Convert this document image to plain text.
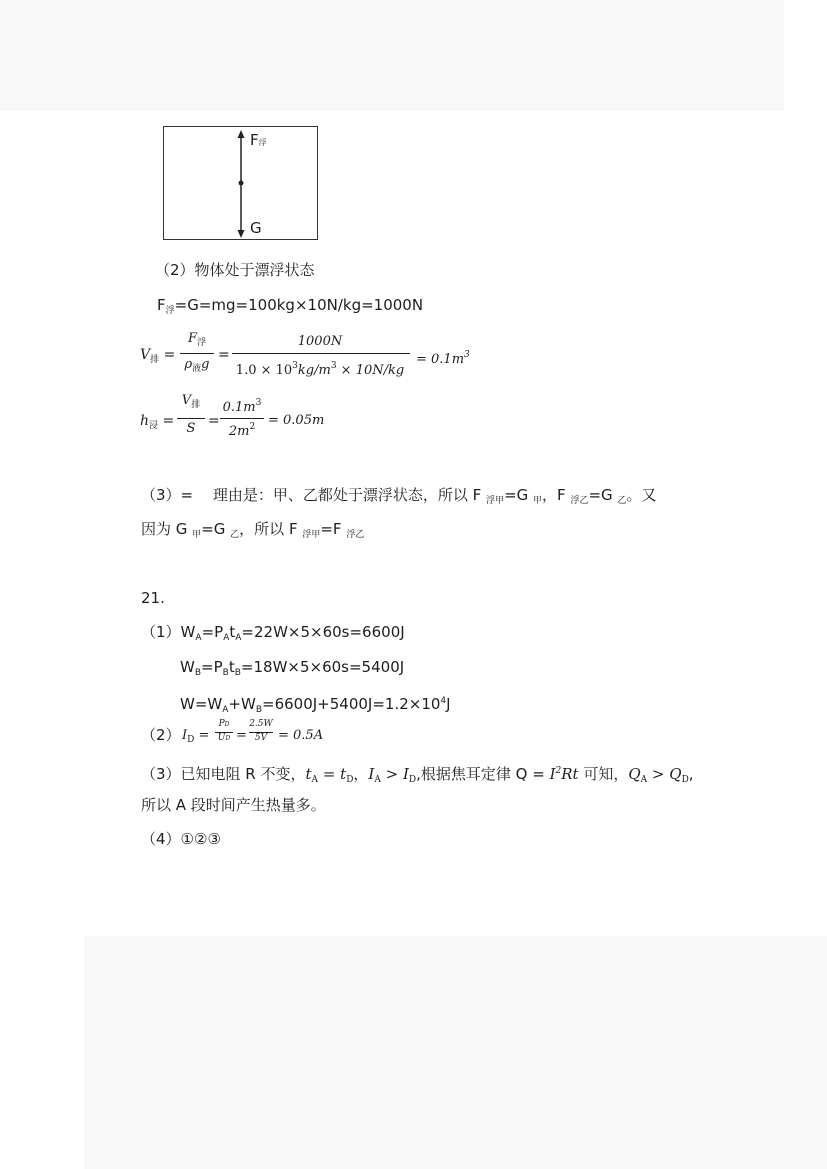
F浮
G
（2）物体处于漂浮状态
$F_浮=G=mg=100kg\times 10N/kg=1000N$
$V_排$ =
$F_浮$
$\rho_液g$
=
1000N
$1.0 \times 10^3kg/m^3 \times 10N/kg$
= $0.1m^3$
$h_浸$ =
$V_排$
S =
$0.1m^3$
$2m^2 = 0.05m$
（3）=　 理由是：甲、乙都处于漂浮状态，所以 F $_{浮甲}$=G $_甲$，F $_{浮乙}$=G $_乙$。又
因为 G $_甲$=G $_乙$，所以 F $_{浮甲}$=F $_{浮乙}$
21.
$(1)W_A=P_At_A=22W\times 5\times 60s=6600J$
$W_B=P_Bt_B=18W\times 5\times 60s=5400J$
$W=W_A+W_B=6600J+5400J=1.2\times 10^4J$
（2） $I_D$ =
PD
UD =
2.5W
5V = 0.5A
（3）已知电阻 R 不变，$t_A = t_D$，$I_A > I_D$,根据焦耳定律 $Q = I^2Rt$ 可知，$Q_A > Q_D$,
所以 A 段时间产生热量多。
（4）①②③
